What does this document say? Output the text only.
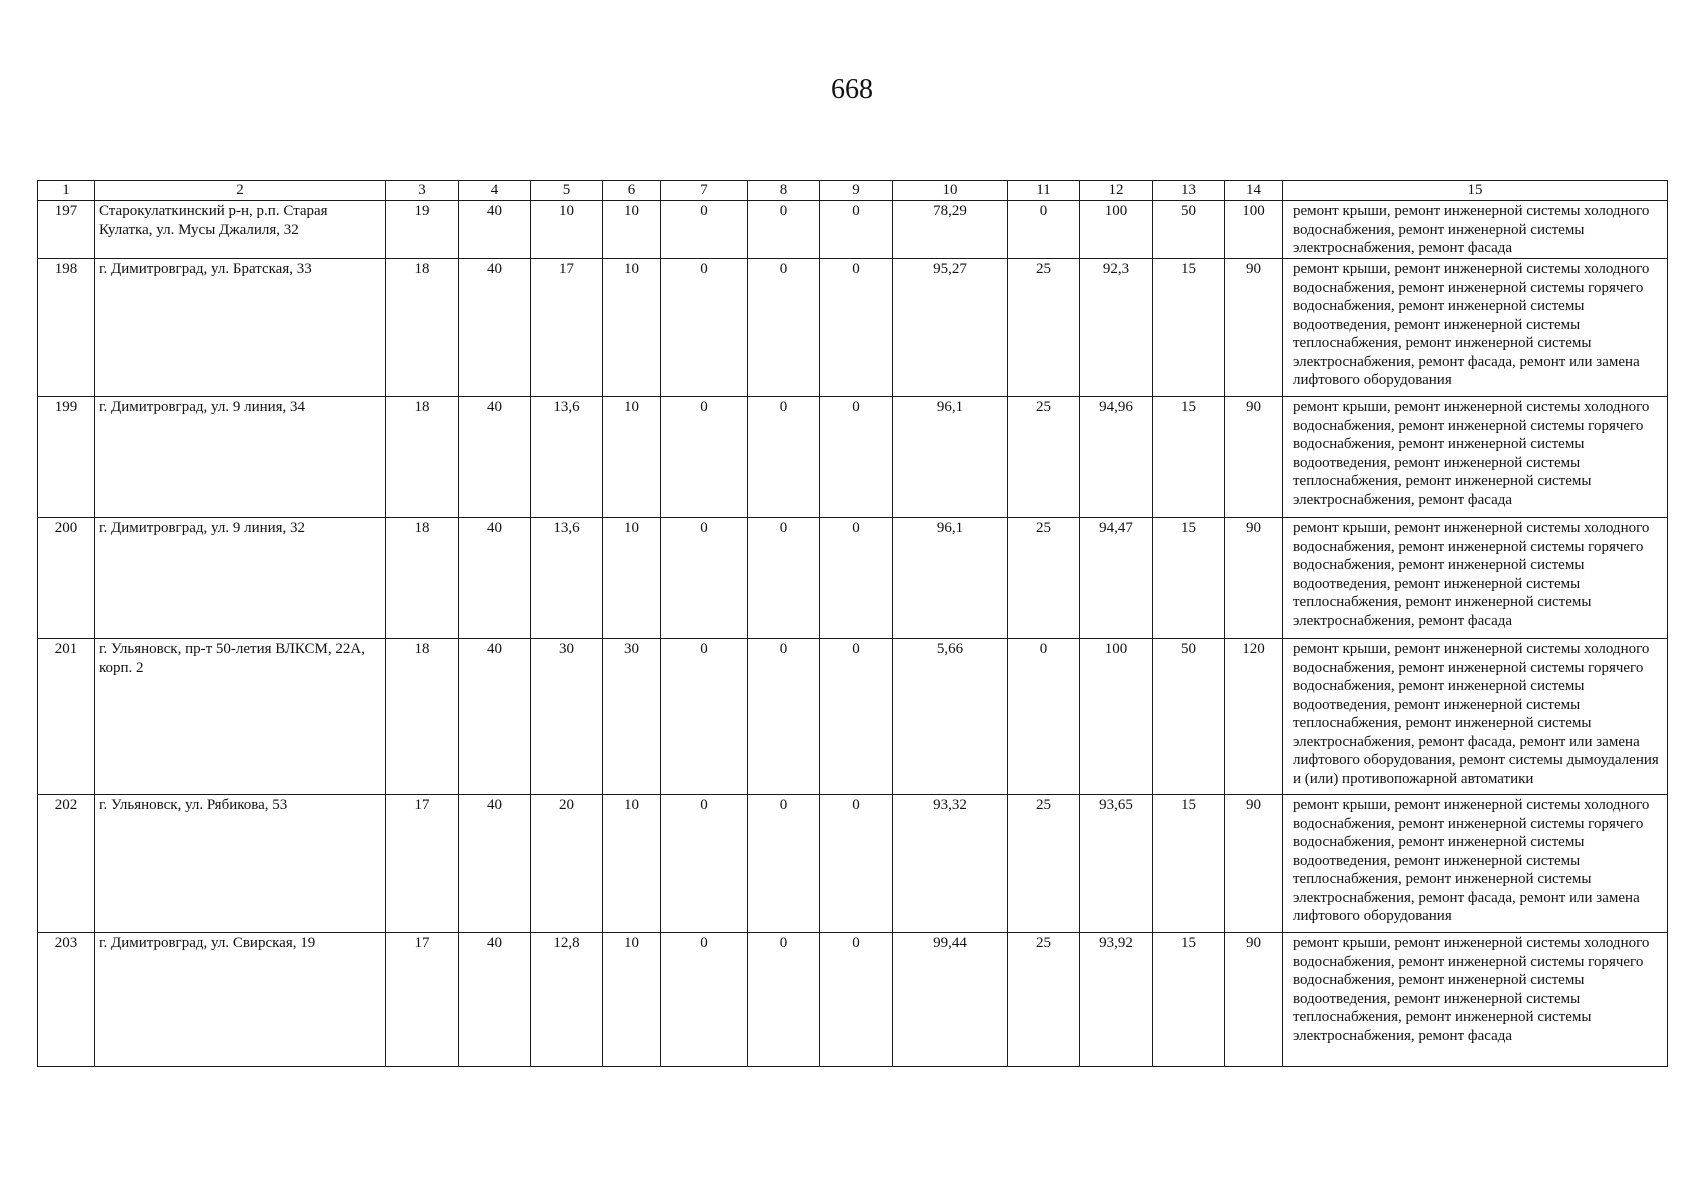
668
1	2	3	4	5	6	7	8	9	10	11	12	13	14	15
197	Старокулаткинский р-н, р.п. Старая Кулатка, ул. Мусы Джалиля, 32	19	40	10	10	0	0	0	78,29	0	100	50	100	ремонт крыши, ремонт инженерной системы холодного водоснабжения, ремонт инженерной системы электроснабжения, ремонт фасада
198	г. Димитровград, ул. Братская, 33	18	40	17	10	0	0	0	95,27	25	92,3	15	90	ремонт крыши, ремонт инженерной системы холодного водоснабжения, ремонт инженерной системы горячего водоснабжения, ремонт инженерной системы водоотведения, ремонт инженерной системы теплоснабжения, ремонт инженерной системы электроснабжения, ремонт фасада, ремонт или замена лифтового оборудования
199	г. Димитровград, ул. 9 линия, 34	18	40	13,6	10	0	0	0	96,1	25	94,96	15	90	ремонт крыши, ремонт инженерной системы холодного водоснабжения, ремонт инженерной системы горячего водоснабжения, ремонт инженерной системы водоотведения, ремонт инженерной системы теплоснабжения, ремонт инженерной системы электроснабжения, ремонт фасада
200	г. Димитровград, ул. 9 линия, 32	18	40	13,6	10	0	0	0	96,1	25	94,47	15	90	ремонт крыши, ремонт инженерной системы холодного водоснабжения, ремонт инженерной системы горячего водоснабжения, ремонт инженерной системы водоотведения, ремонт инженерной системы теплоснабжения, ремонт инженерной системы электроснабжения, ремонт фасада
201	г. Ульяновск, пр-т 50-летия ВЛКСМ, 22А, корп. 2	18	40	30	30	0	0	0	5,66	0	100	50	120	ремонт крыши, ремонт инженерной системы холодного водоснабжения, ремонт инженерной системы горячего водоснабжения, ремонт инженерной системы водоотведения, ремонт инженерной системы теплоснабжения, ремонт инженерной системы электроснабжения, ремонт фасада, ремонт или замена лифтового оборудования, ремонт системы дымоудаления и (или) противопожарной автоматики
202	г. Ульяновск, ул. Рябикова, 53	17	40	20	10	0	0	0	93,32	25	93,65	15	90	ремонт крыши, ремонт инженерной системы холодного водоснабжения, ремонт инженерной системы горячего водоснабжения, ремонт инженерной системы водоотведения, ремонт инженерной системы теплоснабжения, ремонт инженерной системы электроснабжения, ремонт фасада, ремонт или замена лифтового оборудования
203	г. Димитровград, ул. Свирская, 19	17	40	12,8	10	0	0	0	99,44	25	93,92	15	90	ремонт крыши, ремонт инженерной системы холодного водоснабжения, ремонт инженерной системы горячего водоснабжения, ремонт инженерной системы водоотведения, ремонт инженерной системы теплоснабжения, ремонт инженерной системы электроснабжения, ремонт фасада
